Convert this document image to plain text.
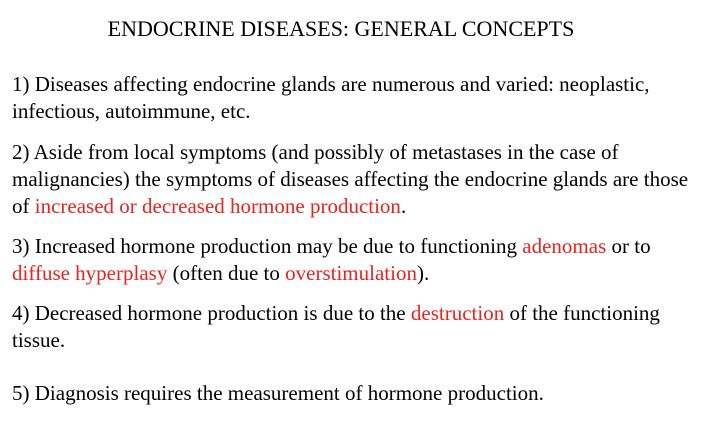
ENDOCRINE DISEASES: GENERAL CONCEPTS

1) Diseases affecting endocrine glands are numerous and varied: neoplastic, infectious, autoimmune, etc.

2) Aside from local symptoms (and possibly of metastases in the case of malignancies) the symptoms of diseases affecting the endocrine glands are those of increased or decreased hormone production.

3) Increased hormone production may be due to functioning adenomas or to diffuse hyperplasy (often due to overstimulation).

4) Decreased hormone production is due to the destruction of the functioning tissue.

5) Diagnosis requires the measurement of hormone production.
